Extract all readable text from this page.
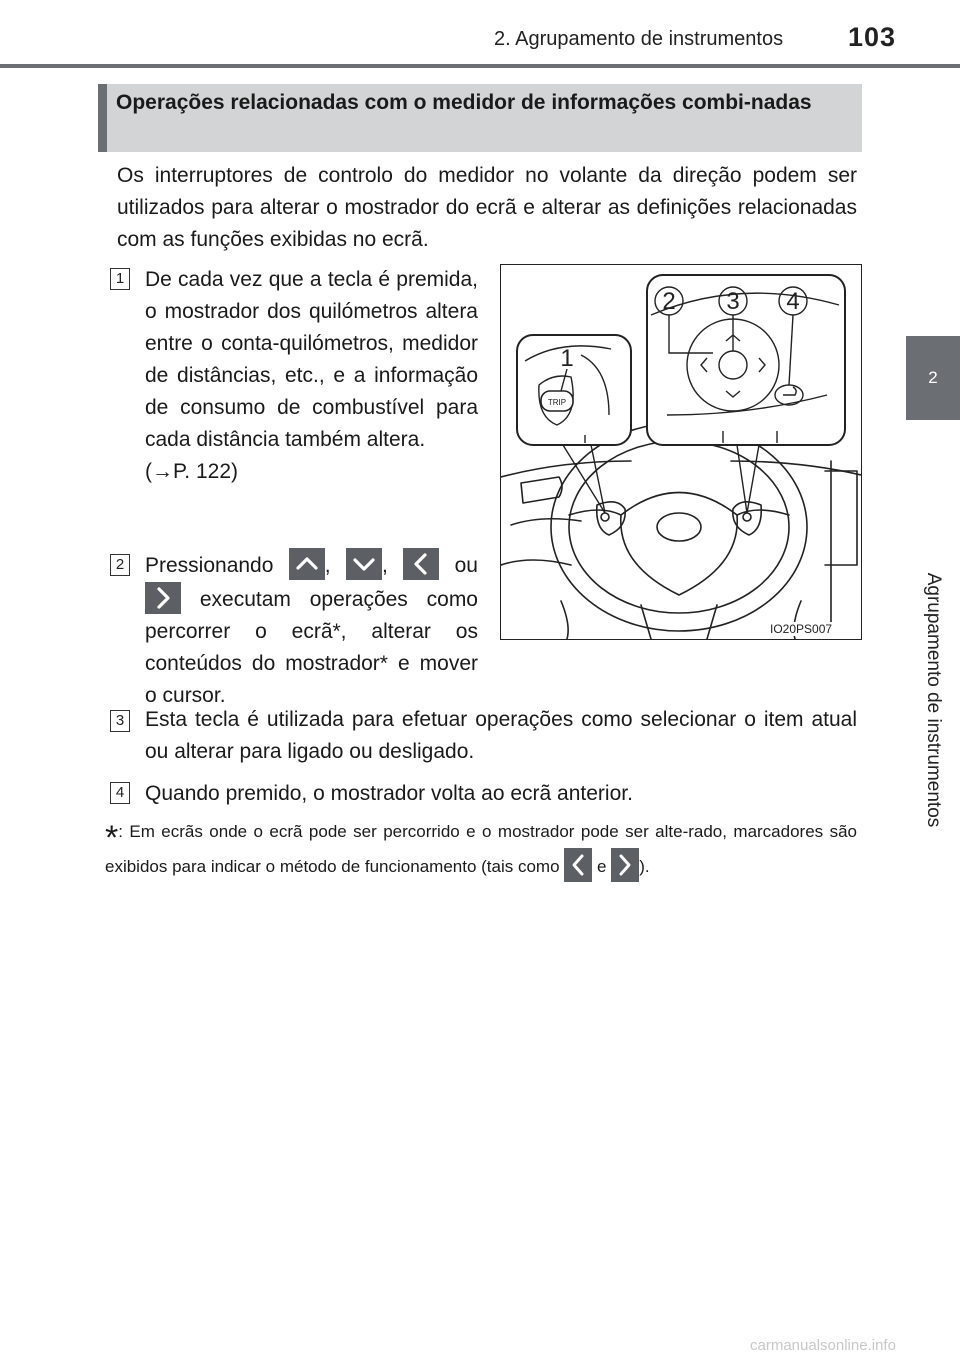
2. Agrupamento de instrumentos 103
2
Agrupamento de instrumentos
Operações relacionadas com o medidor de informações combi-nadas
Os interruptores de controlo do medidor no volante da direção podem ser utilizados para alterar o mostrador do ecrã e alterar as definições relacionadas com as funções exibidas no ecrã.
1 De cada vez que a tecla é premida, o mostrador dos quilómetros altera entre o conta-quilómetros, medidor de distâncias, etc., e a informação de consumo de combustível para cada distância também altera.
(→P. 122)
2 Pressionando , ,	ou
executam operações como percorrer o ecrã*, alterar os conteúdos do mostrador* e mover o cursor.
3 Esta tecla é utilizada para efetuar operações como selecionar o item atual ou alterar para ligado ou desligado.
4 Quando premido, o mostrador volta ao ecrã anterior.
*: Em ecrãs onde o ecrã pode ser percorrido e o mostrador pode ser alte-rado, marcadores são exibidos para indicar o método de funcionamento (tais como e ).
TRIP
1
2 3 4
IO20PS007
carmanualsonline.info
